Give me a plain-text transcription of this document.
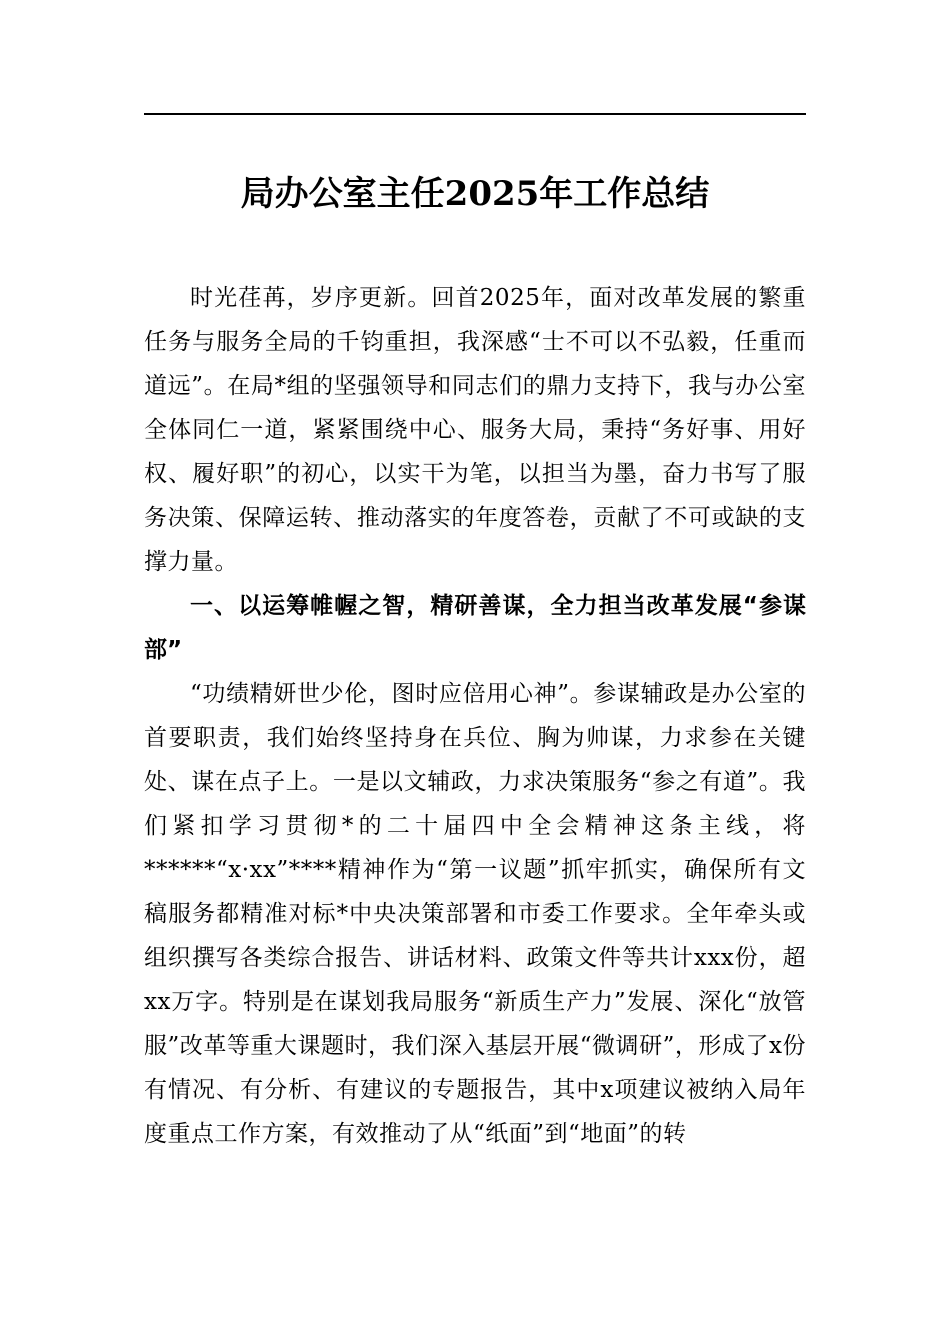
局办公室主任2025年工作总结

时光荏苒，岁序更新。回首2025年，面对改革发展的繁重任务与服务全局的千钧重担，我深感“士不可以不弘毅，任重而道远”。在局*组的坚强领导和同志们的鼎力支持下，我与办公室全体同仁一道，紧紧围绕中心、服务大局，秉持“务好事、用好权、履好职”的初心，以实干为笔，以担当为墨，奋力书写了服务决策、保障运转、推动落实的年度答卷，贡献了不可或缺的支撑力量。

一、以运筹帷幄之智，精研善谋，全力担当改革发展“参谋部”

“功绩精妍世少伦，图时应倍用心神”。参谋辅政是办公室的首要职责，我们始终坚持身在兵位、胸为帅谋，力求参在关键处、谋在点子上。一是以文辅政，力求决策服务“参之有道”。我们紧扣学习贯彻*的二十届四中全会精神这条主线，将******“x·xx”****精神作为“第一议题”抓牢抓实，确保所有文稿服务都精准对标*中央决策部署和市委工作要求。全年牵头或组织撰写各类综合报告、讲话材料、政策文件等共计xxx份，超xx万字。特别是在谋划我局服务“新质生产力”发展、深化“放管服”改革等重大课题时，我们深入基层开展“微调研”，形成了x份有情况、有分析、有建议的专题报告，其中x项建议被纳入局年度重点工作方案，有效推动了从“纸面”到“地面”的转
